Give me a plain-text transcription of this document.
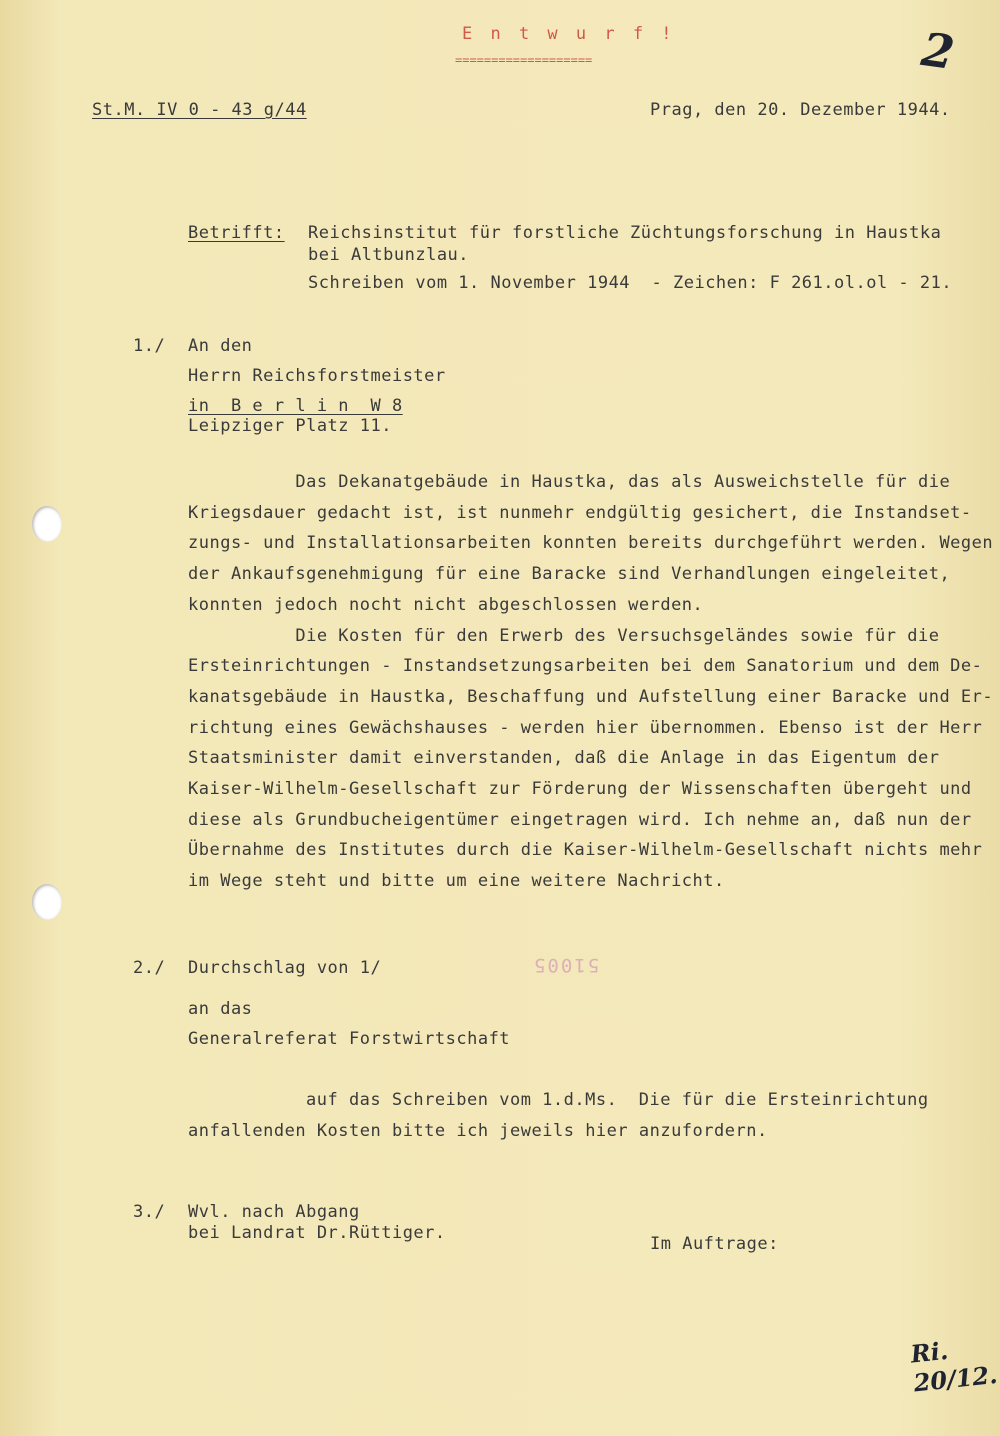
E n t w u r f !
===================	2
St.M. IV 0 - 43 g/44	Prag, den 20. Dezember 1944.
Betrifft: Reichsinstitut für forstliche Züchtungsforschung in Haustka
bei Altbunzlau.
Schreiben vom 1. November 1944  - Zeichen: F 261.ol.ol - 21.
1./ An den
Herrn Reichsforstmeister
in  B e r l i n  W 8
Leipziger Platz 11.

Das Dekanatgebäude in Haustka, das als Ausweichstelle für die

Kriegsdauer gedacht ist, ist nunmehr endgültig gesichert, die Instandset-

zungs- und Installationsarbeiten konnten bereits durchgeführt werden. Wegen

der Ankaufsgenehmigung für eine Baracke sind Verhandlungen eingeleitet,

konnten jedoch nocht nicht abgeschlossen werden.

Die Kosten für den Erwerb des Versuchsgeländes sowie für die

Ersteinrichtungen - Instandsetzungsarbeiten bei dem Sanatorium und dem De-

kanatsgebäude in Haustka, Beschaffung und Aufstellung einer Baracke und Er-

richtung eines Gewächshauses - werden hier übernommen. Ebenso ist der Herr

Staatsminister damit einverstanden, daß die Anlage in das Eigentum der

Kaiser-Wilhelm-Gesellschaft zur Förderung der Wissenschaften übergeht und

diese als Grundbucheigentümer eingetragen wird. Ich nehme an, daß nun der

Übernahme des Institutes durch die Kaiser-Wilhelm-Gesellschaft nichts mehr

im Wege steht und bitte um eine weitere Nachricht.

2./ Durchschlag von 1/	51005
an das
Generalreferat Forstwirtschaft
auf das Schreiben vom 1.d.Ms.  Die für die Ersteinrichtung
anfallenden Kosten bitte ich jeweils hier anzufordern.
3./ Wvl. nach Abgang
bei Landrat Dr.Rüttiger.
Im Auftrage:
Ri. 20/12.
